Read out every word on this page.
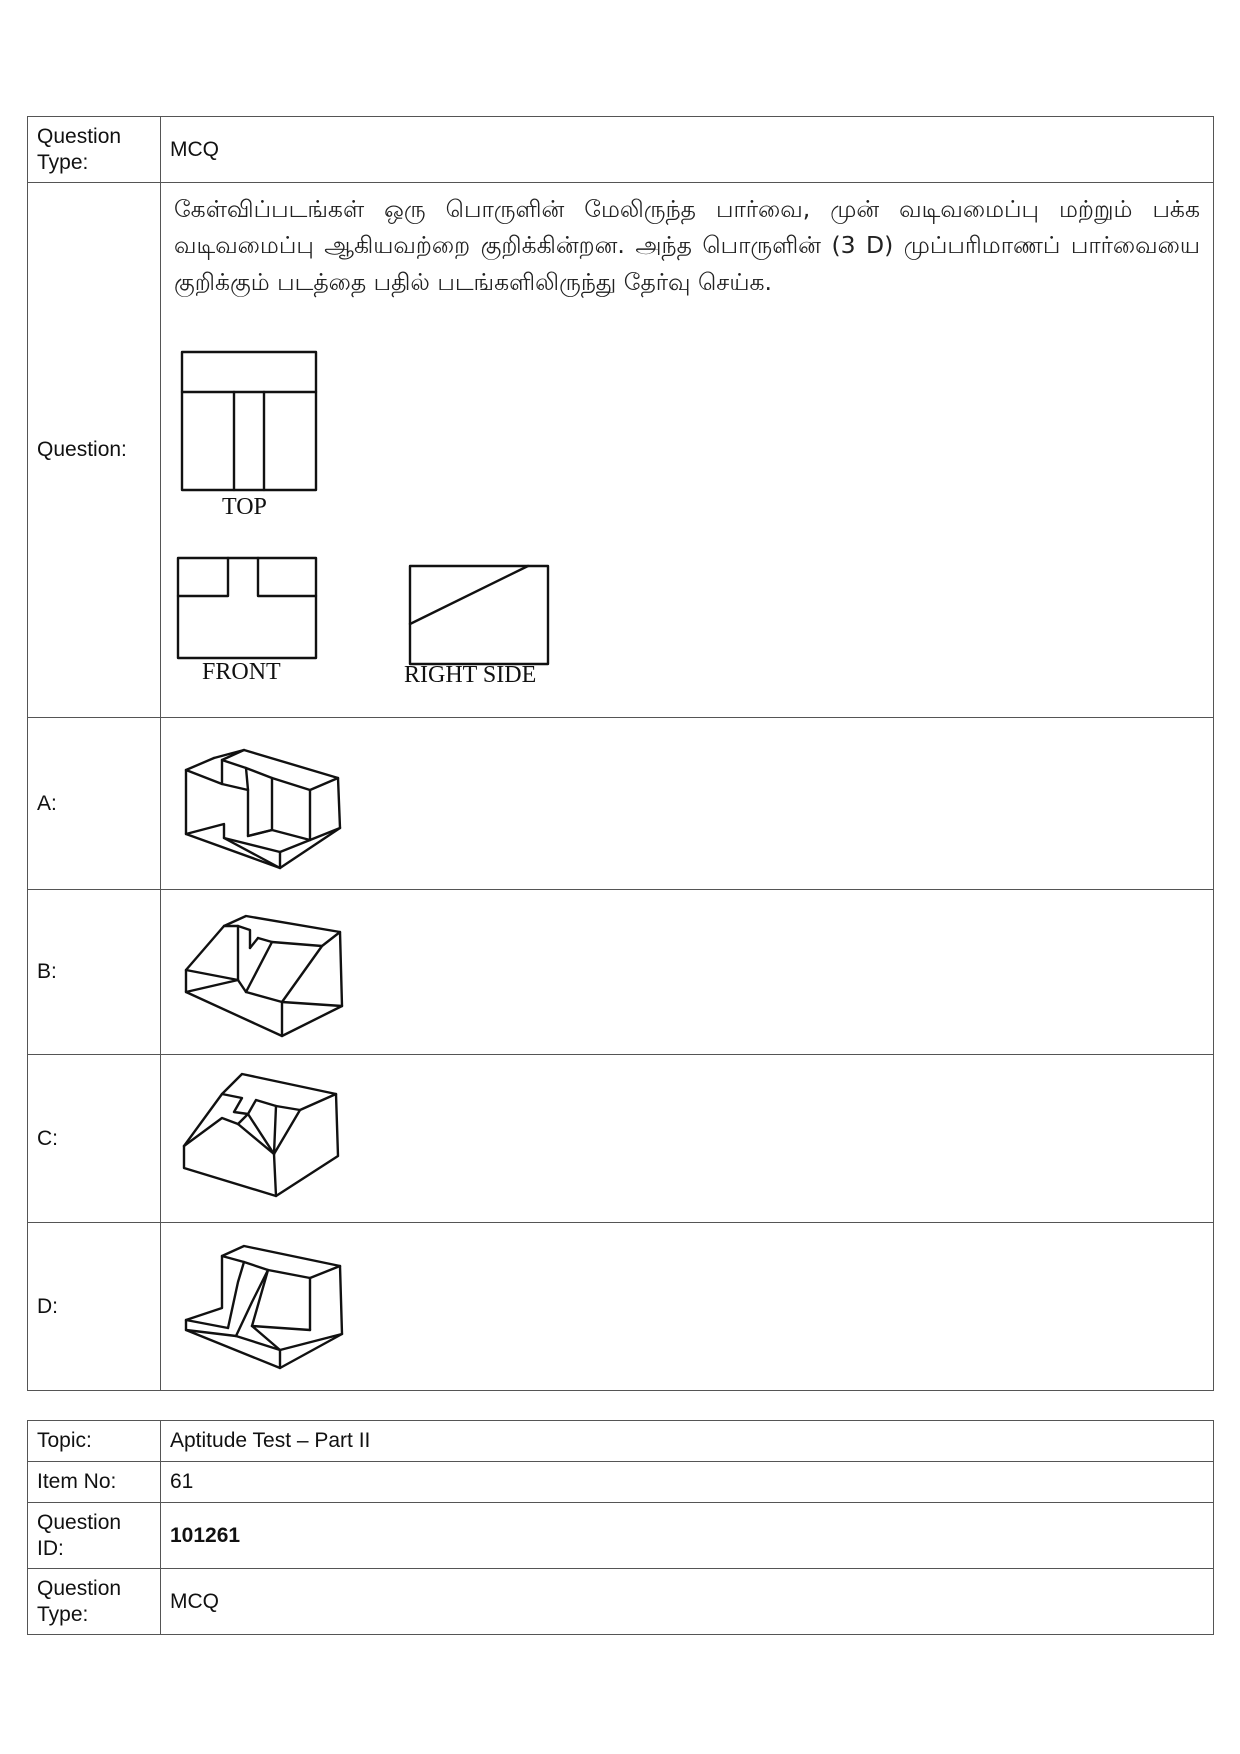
Question Type:	MCQ
Question:	கேள்விப்படங்கள் ஒரு பொருளின் மேலிருந்த பார்வை, முன் வடிவமைப்பு மற்றும் பக்க வடிவமைப்பு ஆகியவற்றை குறிக்கின்றன. அந்த பொருளின் (3 D) முப்பரிமாணப் பார்வையை குறிக்கும் படத்தை பதில் படங்களிலிருந்து தேர்வு செய்க.
TOP
FRONT RIGHT SIDE

A:	

B:	

C:	

D:	
Topic:	Aptitude Test – Part II
Item No:	61
Question ID:	101261
Question Type:	MCQ
